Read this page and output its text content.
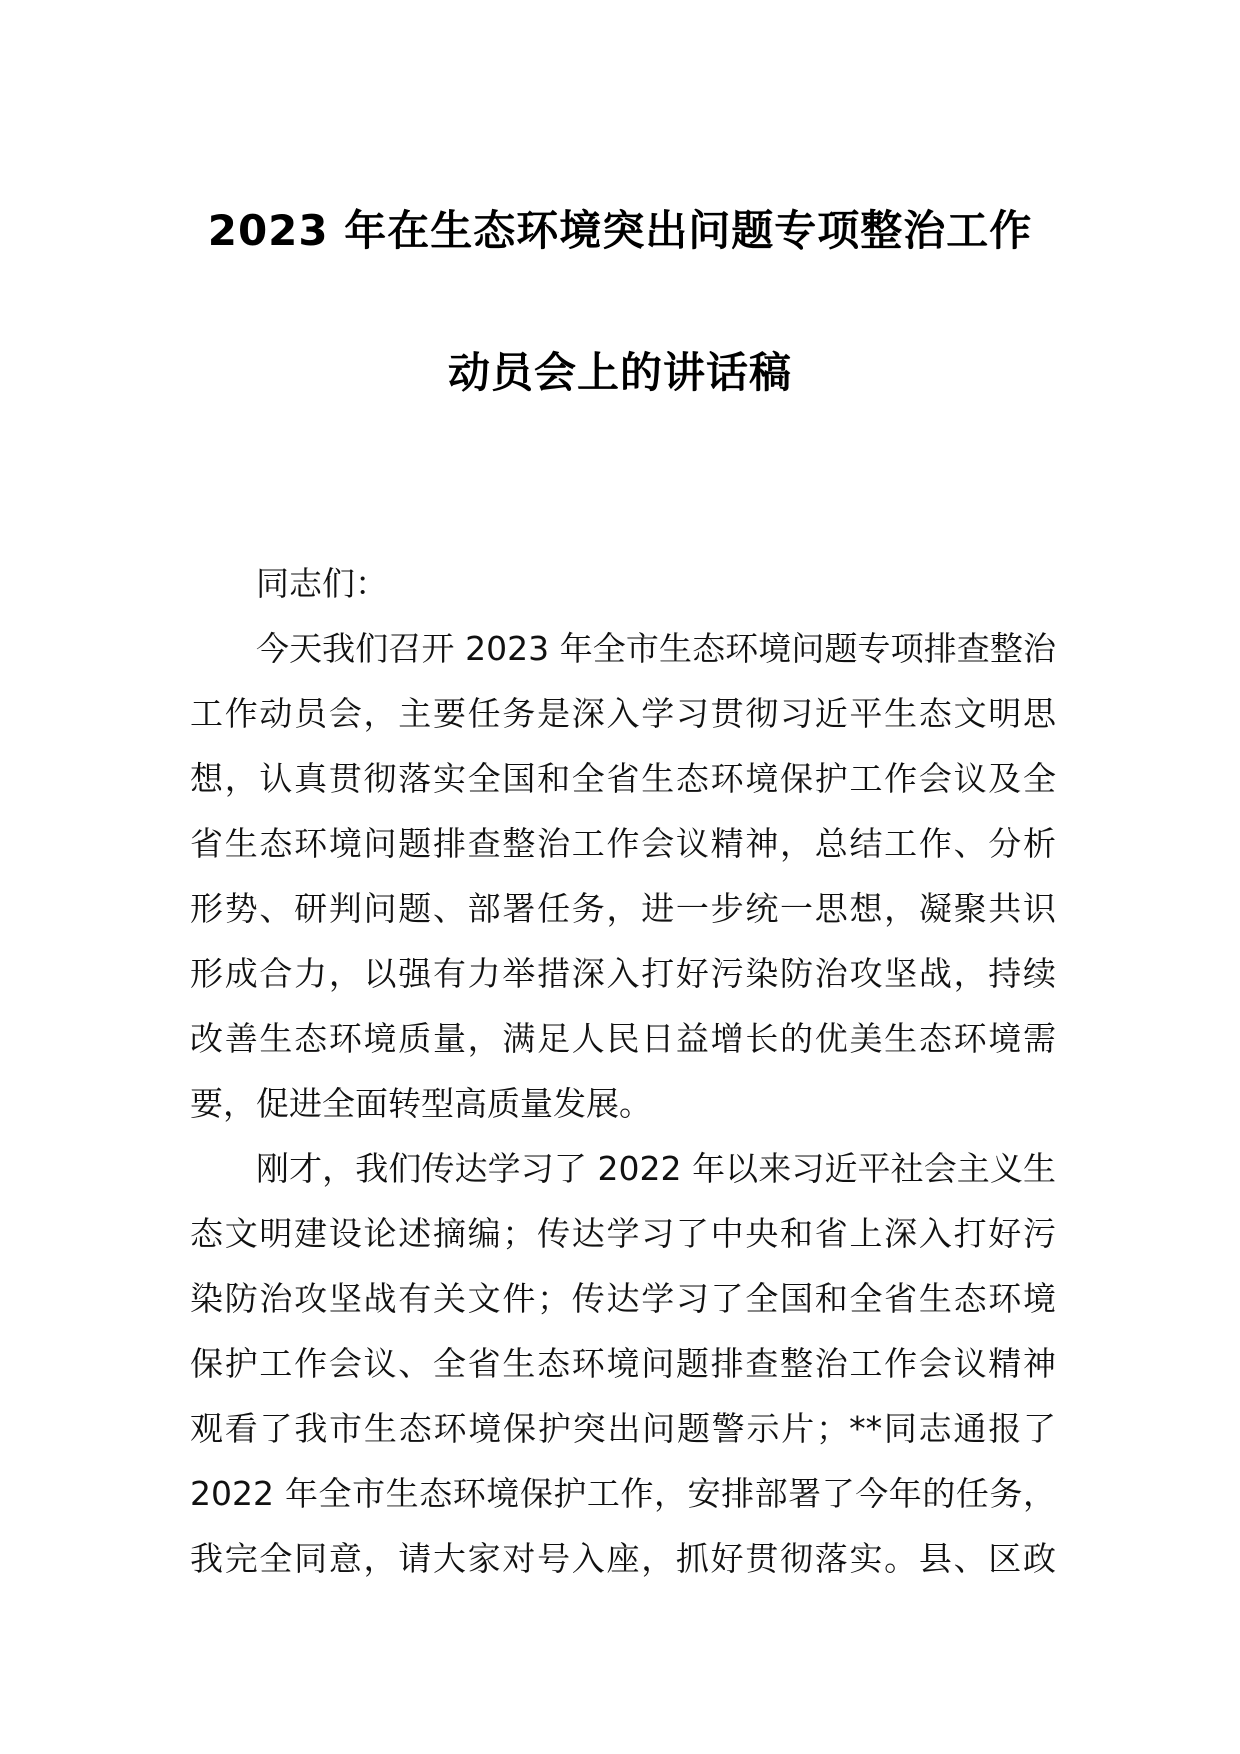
2023 年在生态环境突出问题专项整治工作
动员会上的讲话稿
同志们：
今天我们召开 2023 年全市生态环境问题专项排查整治
工作动员会，主要任务是深入学习贯彻习近平生态文明思
想，认真贯彻落实全国和全省生态环境保护工作会议及全
省生态环境问题排查整治工作会议精神，总结工作、分析
形势、研判问题、部署任务，进一步统一思想，凝聚共识
形成合力，以强有力举措深入打好污染防治攻坚战，持续
改善生态环境质量，满足人民日益增长的优美生态环境需
要，促进全面转型高质量发展。
刚才，我们传达学习了 2022 年以来习近平社会主义生
态文明建设论述摘编；传达学习了中央和省上深入打好污
染防治攻坚战有关文件；传达学习了全国和全省生态环境
保护工作会议、全省生态环境问题排查整治工作会议精神
观看了我市生态环境保护突出问题警示片；**同志通报了
2022 年全市生态环境保护工作，安排部署了今年的任务，
我完全同意，请大家对号入座，抓好贯彻落实。县、区政
